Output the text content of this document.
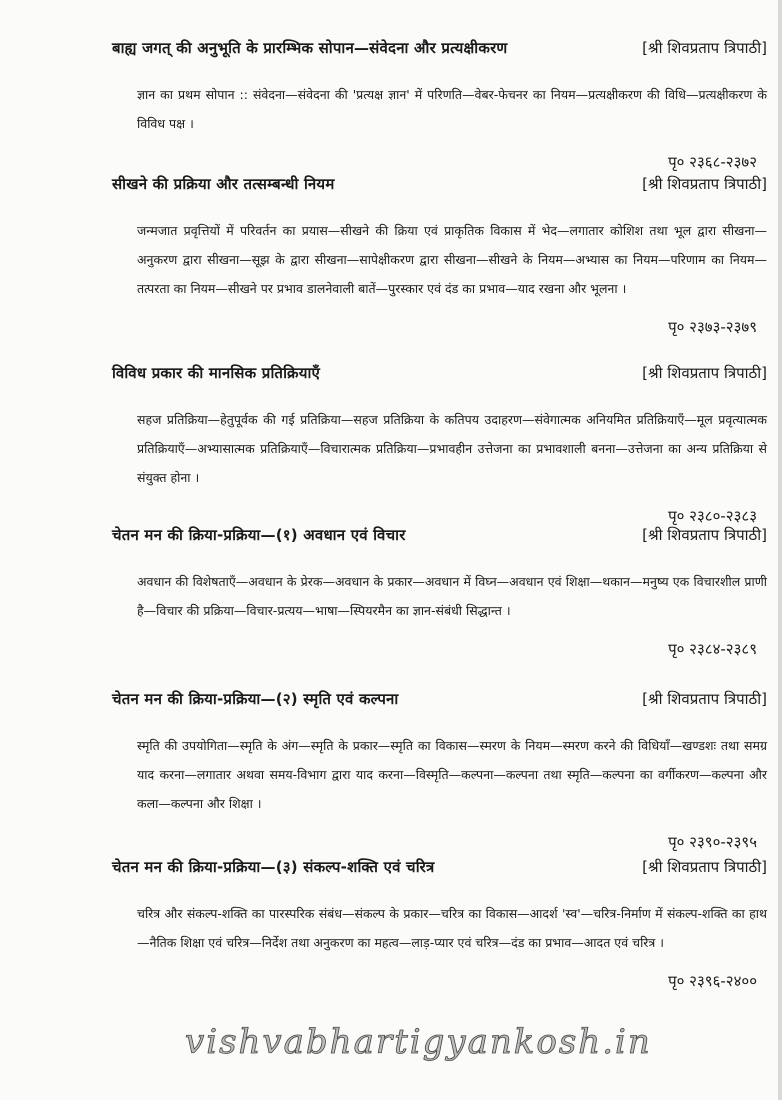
बाह्य जगत् की अनुभूति के प्रारम्भिक सोपान—संवेदना और प्रत्यक्षीकरण	[श्री शिवप्रताप त्रिपाठी]
ज्ञान का प्रथम सोपान :: संवेदना—संवेदना की 'प्रत्यक्ष ज्ञान' में परिणति—वेबर-फेचनर का नियम—प्रत्यक्षीकरण की विधि—प्रत्यक्षीकरण के विविध पक्ष ।
पृ० २३६८-२३७२
सीखने की प्रक्रिया और तत्सम्बन्धी नियम	[श्री शिवप्रताप त्रिपाठी]
जन्मजात प्रवृत्तियों में परिवर्तन का प्रयास—सीखने की क्रिया एवं प्राकृतिक विकास में भेद—लगातार कोशिश तथा भूल द्वारा सीखना—अनुकरण द्वारा सीखना—सूझ के द्वारा सीखना—सापेक्षीकरण द्वारा सीखना—सीखने के नियम—अभ्यास का नियम—परिणाम का नियम—तत्परता का नियम—सीखने पर प्रभाव डालनेवाली बातें—पुरस्कार एवं दंड का प्रभाव—याद रखना और भूलना ।
पृ० २३७३-२३७९
विविध प्रकार की मानसिक प्रतिक्रियाएँ	[श्री शिवप्रताप त्रिपाठी]
सहज प्रतिक्रिया—हेतुपूर्वक की गई प्रतिक्रिया—सहज प्रतिक्रिया के कतिपय उदाहरण—संवेगात्मक अनियमित प्रतिक्रियाएँ—मूल प्रवृत्यात्मक प्रतिक्रियाएँ—अभ्यासात्मक प्रतिक्रियाएँ—विचारात्मक प्रतिक्रिया—प्रभावहीन उत्तेजना का प्रभावशाली बनना—उत्तेजना का अन्य प्रतिक्रिया से संयुक्त होना ।
पृ० २३८०-२३८३
चेतन मन की क्रिया-प्रक्रिया—(१) अवधान एवं विचार	[श्री शिवप्रताप त्रिपाठी]
अवधान की विशेषताएँ—अवधान के प्रेरक—अवधान के प्रकार—अवधान में विघ्न—अवधान एवं शिक्षा—थकान—मनुष्य एक विचारशील प्राणी है—विचार की प्रक्रिया—विचार-प्रत्यय—भाषा—स्पियरमैन का ज्ञान-संबंधी सिद्धान्त ।
पृ० २३८४-२३८९
चेतन मन की क्रिया-प्रक्रिया—(२) स्मृति एवं कल्पना	[श्री शिवप्रताप त्रिपाठी]
स्मृति की उपयोगिता—स्मृति के अंग—स्मृति के प्रकार—स्मृति का विकास—स्मरण के नियम—स्मरण करने की विधियाँ—खण्डशः तथा समग्र याद करना—लगातार अथवा समय-विभाग द्वारा याद करना—विस्मृति—कल्पना—कल्पना तथा स्मृति—कल्पना का वर्गीकरण—कल्पना और कला—कल्पना और शिक्षा ।
पृ० २३९०-२३९५
चेतन मन की क्रिया-प्रक्रिया—(३) संकल्प-शक्ति एवं चरित्र	[श्री शिवप्रताप त्रिपाठी]
चरित्र और संकल्प-शक्ति का पारस्परिक संबंध—संकल्प के प्रकार—चरित्र का विकास—आदर्श 'स्व'—चरित्र-निर्माण में संकल्प-शक्ति का हाथ—नैतिक शिक्षा एवं चरित्र—निर्देश तथा अनुकरण का महत्व—लाड़-प्यार एवं चरित्र—दंड का प्रभाव—आदत एवं चरित्र ।
पृ० २३९६-२४००
vishvabhartigyankosh.in
